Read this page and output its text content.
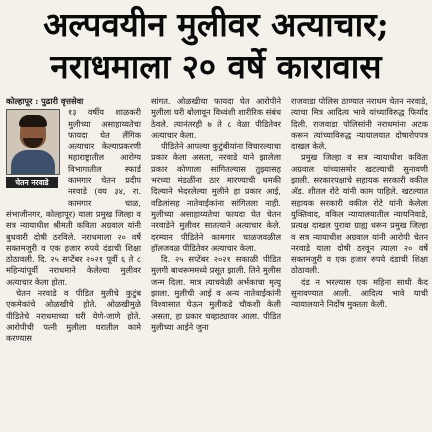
अल्पवयीन मुलीवर अत्याचार;
नराधमाला २० वर्षे कारावास

कोल्हापूर : पुढारी वृत्तसेवा

चेतन नरवाडे

१३ वर्षीय शाळकरी मुलीच्या असाहाय्यतेचा फायदा घेत लैंगिक अत्याचार केल्याप्रकरणी महाराष्ट्रातील आरोग्य विभागातील स्फार्ड कामगार चेतन प्रदीप नरवाडे (वय ३४, रा. कामगार चाळ, संभाजीनगर, कोल्हापूर) याला प्रमुख जिल्हा व सत्र न्यायाधीश श्रीमती कविता अग्रवाल यांनी बुधवारी दोषी ठरविले. नराधमाला २० वर्षे सक्तमजुरी व एक हजार रुपये दंडाची शिक्षा ठोठावली. दि. २५ सप्टेंबर २०२१ पूर्वी ६ ते ८ महिन्यांपूर्वी नराधमाने केलेल्या मुलीवर अत्याचार केला होता.

चेतन नरवाडे व पीडित मुलीचे कुटुंब एकमेकांचे ओळखीचे होते. ओळखीमुळे पीडितेचे नराधमाच्या घरी येणे-जाणे होते. आरोपीची पत्नी मुलीला घरातील कामे करण्यास

सांगत. ओळखीचा फायदा घेत आरोपीने मुलीला घरी बोलावून विध्वंशी शारीरिक संबंध ठेवले. त्यानंतरही ७ ते ८ वेळा पीडितेवर अत्याचार केला.

पीडितेने आपल्या कुटुंबीयांना विचारल्याचा प्रकार केला असता, नरवाडे याने झालेला प्रकार कोणाला सांगितल्यास तुझ्यासह भरच्या मंडळींना ठार मारण्याची धमकी दिल्याने भेदरलेल्या मुलीने हा प्रकार आई, वडिलांसह नातेवाईकांना सांगितला नाही. मुलीच्या असाहाय्यतेचा फायदा घेत चेतन नरवाडेने मुलीवर सातत्याने अत्याचार केले. दरम्यान पीडितेने कामगार चाळजवळील हॉलजवळ पीडितेवर अत्याचार केला.

दि. २५ सप्टेंबर २०२१ सकाळी पीडित मुलगी बाथरूममध्ये प्रसूत झाली. तिने मुलीस जन्म दिला. मात्र त्याचवेळी अर्भकाचा मृत्यू झाला. मुलीची आई व अन्य नातेवाईकांनी विश्वासात घेऊन मुलीकडे चौकशी केली असता, हा प्रकार चव्हाट्यावर आला. पीडित मुलीच्या आईने जुना

राजवाडा पोलिस ठाण्यात नराधम चेतन नरवाडे, त्याचा मित्र आदित्य भावे यांच्याविरुद्ध फिर्याद दिली. राजवाडा पोलिसांनी नराधमांना अटक करून त्यांच्याविरुद्ध न्यायालयात दोषारोपपत्र दाखल केले.

प्रमुख जिल्हा व सत्र न्यायाधीश कविता अग्रवाल यांच्यासमोर खटल्याची सुनावणी झाली. सरकारपक्षाचे सहायक सरकारी वकील अ‍ॅड. शीतल रोटे यांनी काम पाहिले. खटल्यात सहायक सरकारी वकील रोटे यांनी केलेला युक्तिवाद, वकिल न्यायालयातील न्यायनिवाडे, प्रत्यक्ष दाखल पुरावा ग्राह्य धरून प्रमुख जिल्हा व सत्र न्यायाधीश अग्रवाल यांनी आरोपी चेतन नरवाडे याला दोषी ठरवून त्याला २० वर्षे सक्तमजुरी व एक हजार रुपये दंडाची शिक्षा ठोठावली.

दंड न भरल्यास एक महिना साधी कैद सुनावण्यात आली. आदित्य भावे याची न्यायालयाने निर्दोष मुक्तता केली.
